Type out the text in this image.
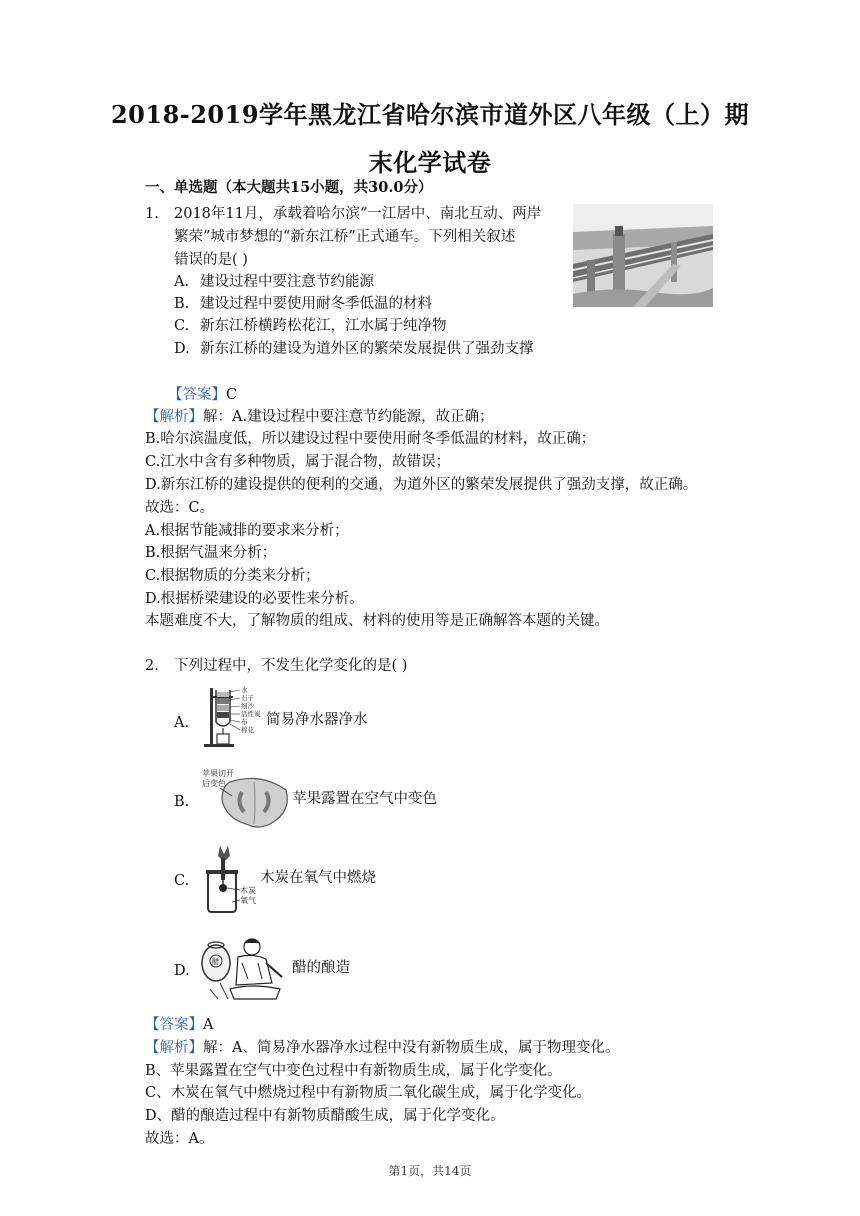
2018-2019学年黑龙江省哈尔滨市道外区八年级（上）期
末化学试卷
一、单选题（本大题共15小题，共30.0分）
1. 2018年11月，承载着哈尔滨“一江居中、南北互动、两岸
繁荣”城市梦想的“新东江桥”正式通车。下列相关叙述
错误的是( )
A. 建设过程中要注意节约能源
B. 建设过程中要使用耐冬季低温的材料
C. 新东江桥横跨松花江，江水属于纯净物
D. 新东江桥的建设为道外区的繁荣发展提供了强劲支撑
【答案】C
【解析】解：A.建设过程中要注意节约能源，故正确；
B.哈尔滨温度低，所以建设过程中要使用耐冬季低温的材料，故正确；
C.江水中含有多种物质，属于混合物，故错误；
D.新东江桥的建设提供的便利的交通，为道外区的繁荣发展提供了强劲支撑，故正确。
故选：C。
A.根据节能减排的要求来分析；
B.根据气温来分析；
C.根据物质的分类来分析；
D.根据桥梁建设的必要性来分析。
本题难度不大，了解物质的组成、材料的使用等是正确解答本题的关键。
2. 下列过程中，不发生化学变化的是( )
A.
水
石子
细沙
活性炭
布
棉花
简易净水器净水
B.
苹果切开
后变色
苹果露置在空气中变色
C.
木炭
氧气
木炭在氧气中燃烧
D.
醋	醋的酿造
【答案】A
【解析】解：A、简易净水器净水过程中没有新物质生成，属于物理变化。
B、苹果露置在空气中变色过程中有新物质生成，属于化学变化。
C、木炭在氧气中燃烧过程中有新物质二氧化碳生成，属于化学变化。
D、醋的酿造过程中有新物质醋酸生成，属于化学变化。
故选：A。
第1页，共14页
